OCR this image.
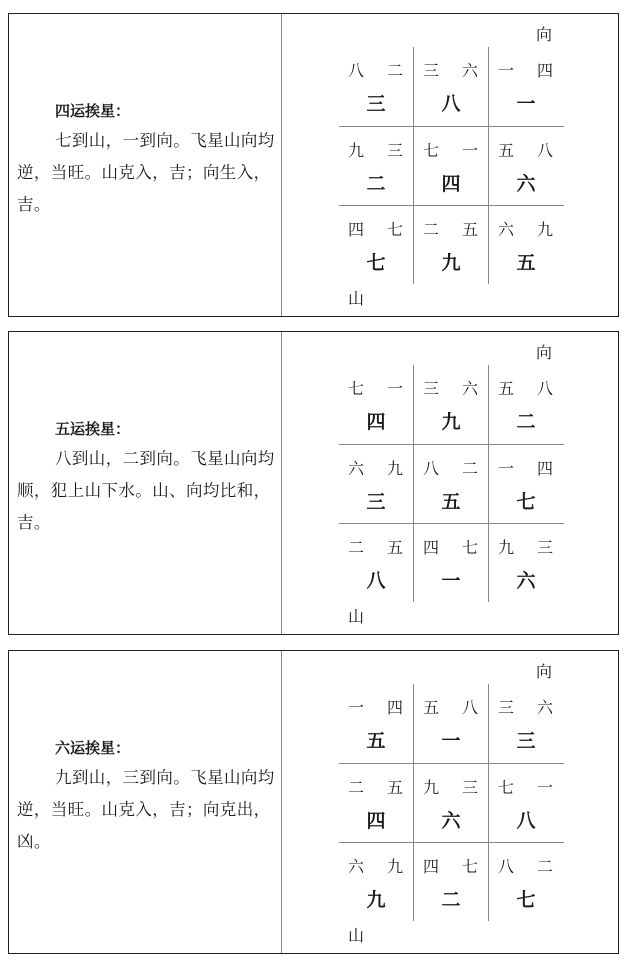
四运挨星：

七到山，一到向。飞星山向均逆，当旺。山克入，吉；向生入，吉。

向
山
八 二
三
三 六
八
一 四
一
九 三
二
七 一
四
五 八
六
四 七
七
二 五
九
六 九
五
五运挨星：

八到山，二到向。飞星山向均顺，犯上山下水。山、向均比和，吉。

向
山
七 一
四
三 六
九
五 八
二
六 九
三
八 二
五
一 四
七
二 五
八
四 七
一
九 三
六
六运挨星：

九到山，三到向。飞星山向均逆，当旺。山克入，吉；向克出，凶。

向
山
一 四
五
五 八
一
三 六
三
二 五
四
九 三
六
七 一
八
六 九
九
四 七
二
八 二
七
